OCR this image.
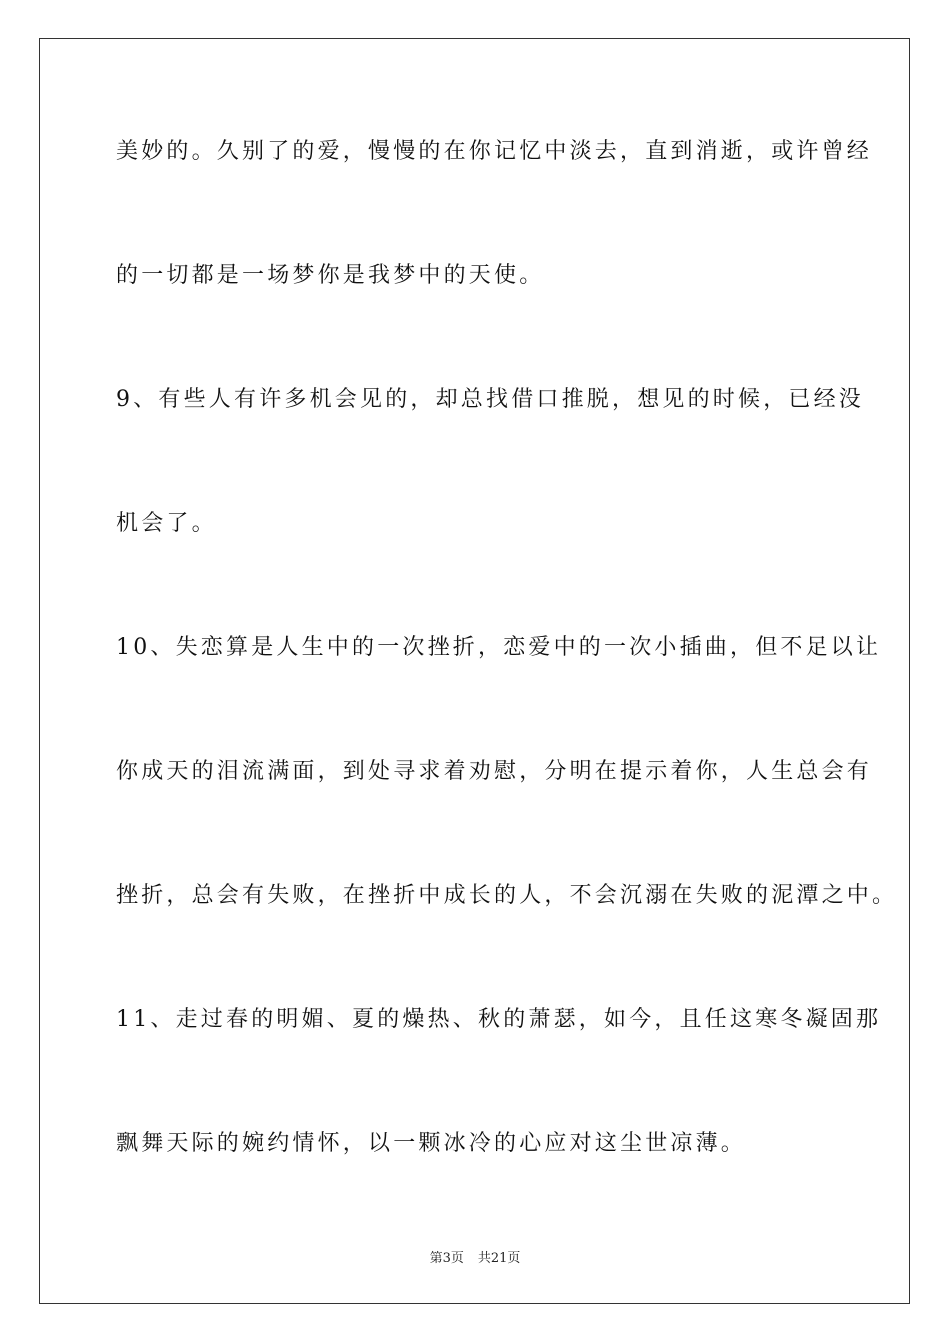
美妙的。久别了的爱，慢慢的在你记忆中淡去，直到消逝，或许曾经
的一切都是一场梦你是我梦中的天使。
9、有些人有许多机会见的，却总找借口推脱，想见的时候，已经没
机会了。
10、失恋算是人生中的一次挫折，恋爱中的一次小插曲，但不足以让
你成天的泪流满面，到处寻求着劝慰，分明在提示着你，人生总会有
挫折，总会有失败，在挫折中成长的人，不会沉溺在失败的泥潭之中。
11、走过春的明媚、夏的燥热、秋的萧瑟，如今，且任这寒冬凝固那
飘舞天际的婉约情怀，以一颗冰冷的心应对这尘世凉薄。
第3页 共21页
